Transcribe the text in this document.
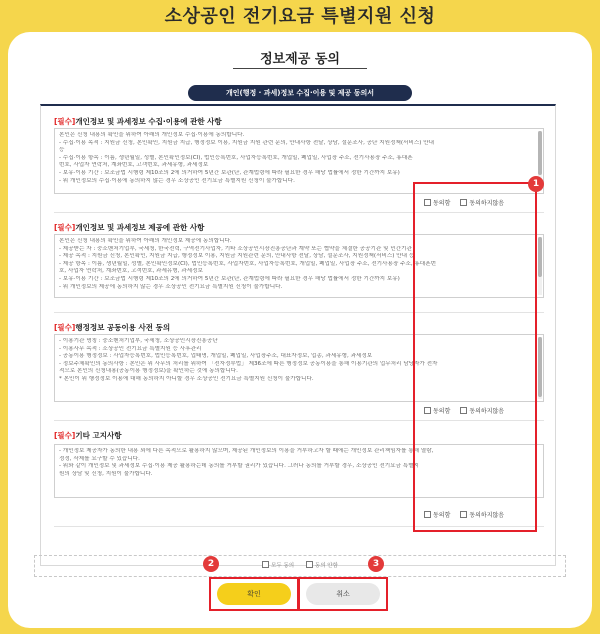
소상공인 전기요금 특별지원 신청
정보제공 동의
개인(행정 · 과세)정보 수집·이용 및 제공 동의서
[필수]개인정보 및 과세정보 수집·이용에 관한 사항
본인은 신청 내용의 확인을 위하여 아래의 개인정보 수집·이용에 동의합니다.
- 수집·이용 목적 : 지원금 신청, 본인확인, 지원금 지급, 행정정보 이용, 지원금 지원 관련 문의, 안내사항 전달, 상담, 설문조사, 공단 지원정책(서비스) 안내
등
- 수집·이용 항목 : 이름, 생년월일, 성별, 본인확인정보(CI), 법인등록번호, 사업자등록번호, 개업일, 폐업일, 사업장 주소, 전기사용장 주소, 휴대폰
번호, 사업자 연락처, 계좌번호, 고객번호, 과세유형, 과세정보
- 보유·이용 기간 : 보조금법 시행령 제10조의 2에 의거하여 5년간 보관(단, 관계법령에 따라 필요한 경우 해당 법률에서 정한 기간까지 보유)
- 위 개인정보의 수집·이용에 동의하지 않는 경우 소상공인 전기요금 특별지원 신청이 불가합니다.
동의함	동의하지않음
[필수]개인정보 및 과세정보 제공에 관한 사항
본인은 신청 내용의 확인을 위하여 아래의 개인정보 제공에 동의합니다.
- 제공받는 자 : 중소벤처기업부, 국세청, 한국전력, 구역전기사업자, 기타 소상공인시장진흥공단과 계약 또는 협약을 체결한 공공기관 및 민간기관
- 제공 목적 : 지원금 신청, 본인확인, 지원금 지급, 행정정보 이용, 지원금 지원관련 문의, 안내사항 전달, 상담, 설문조사, 지원정책(서비스) 안내 등
- 제공 항목 : 이름, 생년월일, 성별, 본인확인정보(CI), 법인등록번호, 사업자번호, 사업자등록번호, 개업일, 폐업일, 사업장 주소, 전기사용장 주소, 휴대폰번
호, 사업자 연락처, 계좌번호, 고객번호, 과세유형, 과세정보
- 보유·이용 기간 : 보조금법 시행령 제10조의 2에 의거하여 5년간 보관(단, 관계법령에 따라 필요한 경우 해당 법률에서 정한 기간까지 보유)
- 위 개인정보의 제공에 동의하지 않는 경우 소상공인 전기요금 특별지원 신청이 불가합니다.
[필수]행정정보 공동이용 사전 동의
- 이용기관 명칭 : 중소벤처기업부, 국세청, 소상공인시장진흥공단
- 이용사무 목적 : 소상공인 전기요금 특별지원 등 사후관리
- 공동이용 행정정보 : 사업자등록번호, 법인등록번호, 업태명, 개업일, 폐업일, 사업장주소, 대표자정보, 업종, 과세유형, 과세정보
- 정보주체확인의 동의사항 : 본인은 위 사무의 처리를 위하여 「전자정부법」 제36조에 따른 행정정보 공동이용을 통해 이용기관의 업무처리 담당자가 전자
적으로 본인의 신청내용(공동이용 행정정보)을 확인하는 것에 동의합니다.
* 본인이 위 행정정보 이용에 대해 동의하지 아니할 경우 소상공인 전기요금 특별지원 신청이 불가합니다.
동의함	동의하지않음
[필수]기타 고지사항
- 개인정보 제공자가 동의한 내용 외에 다른 목적으로 활용하지 않으며, 제공된 개인정보의 이용을 거부하고자 할 때에는 개인정보 관리책임자를 통해 열람,
정정, 삭제를 요구할 수 있습니다.
- 위와 같이 개인정보 및 과세정보 수집·이용 제공 활용하는데 동의를 거부할 권리가 있습니다. 그러나 동의를 거부할 경우, 소상공인 전기요금 특별지
원의 상담 및 신청, 지원이 불가합니다.
동의함	동의하지않음
1
모두 동의	동의 안함
2	3
확인	취소
